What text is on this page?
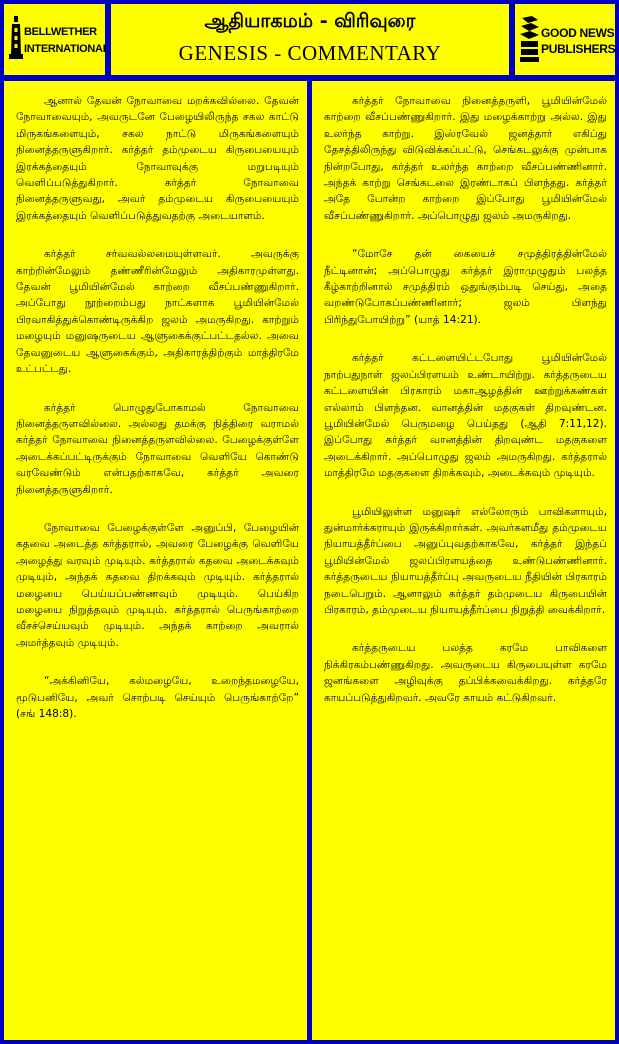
BELLWETHER
INTERNATIONAL
ஆதியாகமம் - விரிவுரை
GENESIS - COMMENTARY
GOOD NEWS
PUBLISHERS

ஆனால் தேவன் நோவாவை மறக்கவில்லை. தேவன் நோவாவையும், அவருடனே பேழையிலிருந்த சகல காட்டு மிருகங்களையும், சகல நாட்டு மிருகங்களையும் நினைத்தருளுகிறார். கர்த்தர் தம்முடைய கிருபையையும் இரக்கத்தையும் நோவாவுக்கு மறுபடியும் வெளிப்படுத்துகிறார். கர்த்தர் நோவாவை நினைத்தருளுவது, அவர் தம்முடைய கிருபையையும் இரக்கத்தையும் வெளிப்படுத்துவதற்கு அடையாளம்.

கர்த்தர் சர்வவல்லமையுள்ளவர். அவருக்கு காற்றின்மேலும் தண்ணீரின்மேலும் அதிகாரமுள்ளது. தேவன் பூமியின்மேல் காற்றை வீசப்பண்ணுகிறார். அப்போது நூற்றைம்பது நாட்களாக பூமியின்மேல் பிரவாகித்துக்கொண்டிருக்கிற ஜலம் அமருகிறது. காற்றும் மழையும் மனுஷருடைய ஆளுகைக்குட்பட்டதல்ல. அவை தேவனுடைய ஆளுகைக்கும், அதிகாரத்திற்கும் மாத்திரமே உட்பட்டது.

கர்த்தர் பொழுதுபோகாமல் நோவாவை நினைத்தருளவில்லை. அல்லது தமக்கு நித்திரை வராமல் கர்த்தர் நோவாவை நினைத்தருளவில்லை. பேழைக்குள்ளே அடைக்கப்பட்டிருக்கும் நோவாவை வெளியே கொண்டு வரவேண்டும் என்பதற்காகவே, கர்த்தர் அவரை நினைத்தருளுகிறார்.

நோவாவை பேழைக்குள்ளே அனுப்பி, பேழையின் கதவை அடைத்த கர்த்தரால், அவரை பேழைக்கு வெளியே அழைத்து வரவும் முடியும். கர்த்தரால் கதவை அடைக்கவும் முடியும், அந்தக் கதவை திறக்கவும் முடியும். கர்த்தரால் மழையை பெய்யப்பண்ணவும் முடியும். பெய்கிற மழையை நிறுத்தவும் முடியும். கர்த்தரால் பெருங்காற்றை வீசச்செய்யவும் முடியும். அந்தக் காற்றை அவரால் அமர்த்தவும் முடியும்.

“அக்கினியே, கல்மழையே, உறைந்தமழையே, மூடுபனியே, அவர் சொற்படி செய்யும் பெருங்காற்றே” (சங் 148:8).

கர்த்தர் நோவாவை நினைத்தருளி, பூமியின்மேல் காற்றை வீசப்பண்ணுகிறார். இது மழைக்காற்று அல்ல. இது உலர்ந்த காற்று. இஸ்ரவேல் ஜனத்தார் எகிப்து தேசத்திலிருந்து விடுவிக்கப்பட்டு, செங்கடலுக்கு முன்பாக நின்றபோது, கர்த்தர் உலர்ந்த காற்றை வீசப்பண்ணினார். அந்தக் காற்று செங்கடலை இரண்டாகப் பிளந்தது. கர்த்தர் அதே போன்ற காற்றை இப்போது பூமியின்மேல் வீசப்பண்ணுகிறார். அப்பொழுது ஜலம் அமருகிறது.

“மோசே தன் கையைச் சமுத்திரத்தின்மேல் நீட்டினான்; அப்பொழுது கர்த்தர் இராமுழுதும் பலத்த கீழ்காற்றினால் சமுத்திரம் ஒதுங்கும்படி செய்து, அதை வறண்டுபோகப்பண்ணினார்; ஜலம் பிளந்து பிரிந்துபோயிற்று” (யாத் 14:21).

கர்த்தர் கட்டளையிட்டபோது பூமியின்மேல் நாற்பதுநாள் ஜலப்பிரளயம் உண்டாயிற்று. கர்த்தருடைய கட்டளையின் பிரகாரம் மகாஆழத்தின் ஊற்றுக்கண்கள் எல்லாம் பிளந்தன. வானத்தின் மதகுகள் திறவுண்டன. பூமியின்மேல் பெருமழை பெய்தது (ஆதி 7:11,12). இப்போது கர்த்தர் வானத்தின் திறவுண்ட மதகுகளை அடைக்கிறார். அப்பொழுது ஜலம் அமருகிறது. கர்த்தரால் மாத்திரமே மதகுகளை திறக்கவும், அடைக்கவும் முடியும்.

பூமியிலுள்ள மனுஷர் எல்லோரும் பாவிகளாயும், துன்மார்க்கராயும் இருக்கிறார்கள். அவர்களமீது தம்முடைய நியாயத்தீர்ப்பை அனுப்புவதற்காகவே, கர்த்தர் இந்தப் பூமியின்மேல் ஜலப்பிரளயத்தை உண்டுபண்ணினார். கர்த்தருடைய நியாயத்தீர்ப்பு அவருடைய நீதியின் பிரகாரம் நடைபெறும். ஆனாலும் கர்த்தர் தம்முடைய கிருபையின் பிரகாரம், தம்முடைய நியாயத்தீர்ப்பை நிறுத்தி வைக்கிறார்.

கர்த்தருடைய பலத்த கரமே பாவிகளை நிக்கிரகம்பண்ணுகிறது. அவருடைய கிருபையுள்ள கரமே ஜனங்களை அழிவுக்கு தப்பிக்கவைக்கிறது. கர்த்தரே காயப்படுத்துகிறவர். அவரே காயம் கட்டுகிறவர்.
